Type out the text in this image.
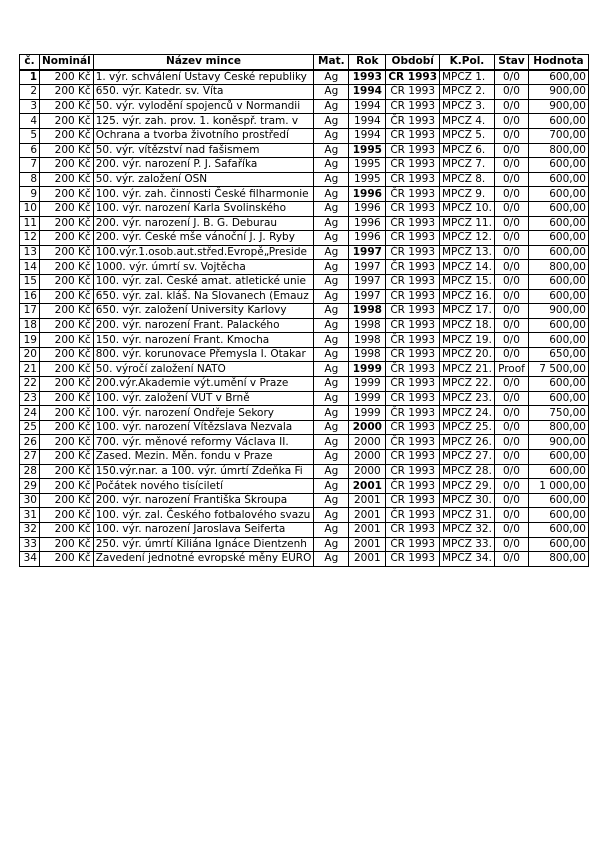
č.	Nominál	Název mince	Mat.	Rok	Období	K.Pol.	Stav	Hodnota
1	200 Kč	1. výr. schválení Ústavy České republiky	Ag	1993	ČR 1993	MPCZ 1.	0/0	600,00
2	200 Kč	650. výr. Katedr. sv. Víta	Ag	1994	ČR 1993	MPCZ 2.	0/0	900,00
3	200 Kč	50. výr. vylodění spojenců v Normandii	Ag	1994	ČR 1993	MPCZ 3.	0/0	900,00
4	200 Kč	125. výr. zah. prov. 1. koněspř. tram. v	Ag	1994	ČR 1993	MPCZ 4.	0/0	600,00
5	200 Kč	Ochrana a tvorba životního prostředí	Ag	1994	ČR 1993	MPCZ 5.	0/0	700,00
6	200 Kč	50. výr. vítězství nad fašismem	Ag	1995	ČR 1993	MPCZ 6.	0/0	800,00
7	200 Kč	200. výr. narození P. J. Šafaříka	Ag	1995	ČR 1993	MPCZ 7.	0/0	600,00
8	200 Kč	50. výr. založení OSN	Ag	1995	ČR 1993	MPCZ 8.	0/0	600,00
9	200 Kč	100. výr. zah. činnosti České filharmonie	Ag	1996	ČR 1993	MPCZ 9.	0/0	600,00
10	200 Kč	100. výr. narození Karla Svolinského	Ag	1996	ČR 1993	MPCZ 10.	0/0	600,00
11	200 Kč	200. výr. narození J. B. G. Deburau	Ag	1996	ČR 1993	MPCZ 11.	0/0	600,00
12	200 Kč	200. výr. České mše vánoční J. J. Ryby	Ag	1996	ČR 1993	MPCZ 12.	0/0	600,00
13	200 Kč	100.výr.1.osob.aut.střed.Evropě„Preside	Ag	1997	ČR 1993	MPCZ 13.	0/0	600,00
14	200 Kč	1000. výr. úmrtí sv. Vojtěcha	Ag	1997	ČR 1993	MPCZ 14.	0/0	800,00
15	200 Kč	100. výr. zal. České amat. atletické unie	Ag	1997	ČR 1993	MPCZ 15.	0/0	600,00
16	200 Kč	650. výr. zal. kláš. Na Slovanech (Emauz	Ag	1997	ČR 1993	MPCZ 16.	0/0	600,00
17	200 Kč	650. výr. založení University Karlovy	Ag	1998	ČR 1993	MPCZ 17.	0/0	900,00
18	200 Kč	200. výr. narození Frant. Palackého	Ag	1998	ČR 1993	MPCZ 18.	0/0	600,00
19	200 Kč	150. výr. narození Frant. Kmocha	Ag	1998	ČR 1993	MPCZ 19.	0/0	600,00
20	200 Kč	800. výr. korunovace Přemysla I. Otakar	Ag	1998	ČR 1993	MPCZ 20.	0/0	650,00
21	200 Kč	50. výročí založení NATO	Ag	1999	ČR 1993	MPCZ 21.	Proof	7 500,00
22	200 Kč	200.výr.Akademie výt.umění v Praze	Ag	1999	ČR 1993	MPCZ 22.	0/0	600,00
23	200 Kč	100. výr. založení VUT v Brně	Ag	1999	ČR 1993	MPCZ 23.	0/0	600,00
24	200 Kč	100. výr. narození Ondřeje Sekory	Ag	1999	ČR 1993	MPCZ 24.	0/0	750,00
25	200 Kč	100. výr. narození Vítězslava Nezvala	Ag	2000	ČR 1993	MPCZ 25.	0/0	800,00
26	200 Kč	700. výr. měnové reformy Václava II.	Ag	2000	ČR 1993	MPCZ 26.	0/0	900,00
27	200 Kč	Zased. Mezin. Měn. fondu v Praze	Ag	2000	ČR 1993	MPCZ 27.	0/0	600,00
28	200 Kč	150.výr.nar. a 100. výr. úmrtí Zdeňka Fi	Ag	2000	ČR 1993	MPCZ 28.	0/0	600,00
29	200 Kč	Počátek nového tisíciletí	Ag	2001	ČR 1993	MPCZ 29.	0/0	1 000,00
30	200 Kč	200. výr. narození Františka Škroupa	Ag	2001	ČR 1993	MPCZ 30.	0/0	600,00
31	200 Kč	100. výr. zal. Českého fotbalového svazu	Ag	2001	ČR 1993	MPCZ 31.	0/0	600,00
32	200 Kč	100. výr. narození Jaroslava Seiferta	Ag	2001	ČR 1993	MPCZ 32.	0/0	600,00
33	200 Kč	250. výr. úmrtí Kiliána Ignáce Dientzenh	Ag	2001	ČR 1993	MPCZ 33.	0/0	600,00
34	200 Kč	Zavedení jednotné evropské měny EURO	Ag	2001	ČR 1993	MPCZ 34.	0/0	800,00
